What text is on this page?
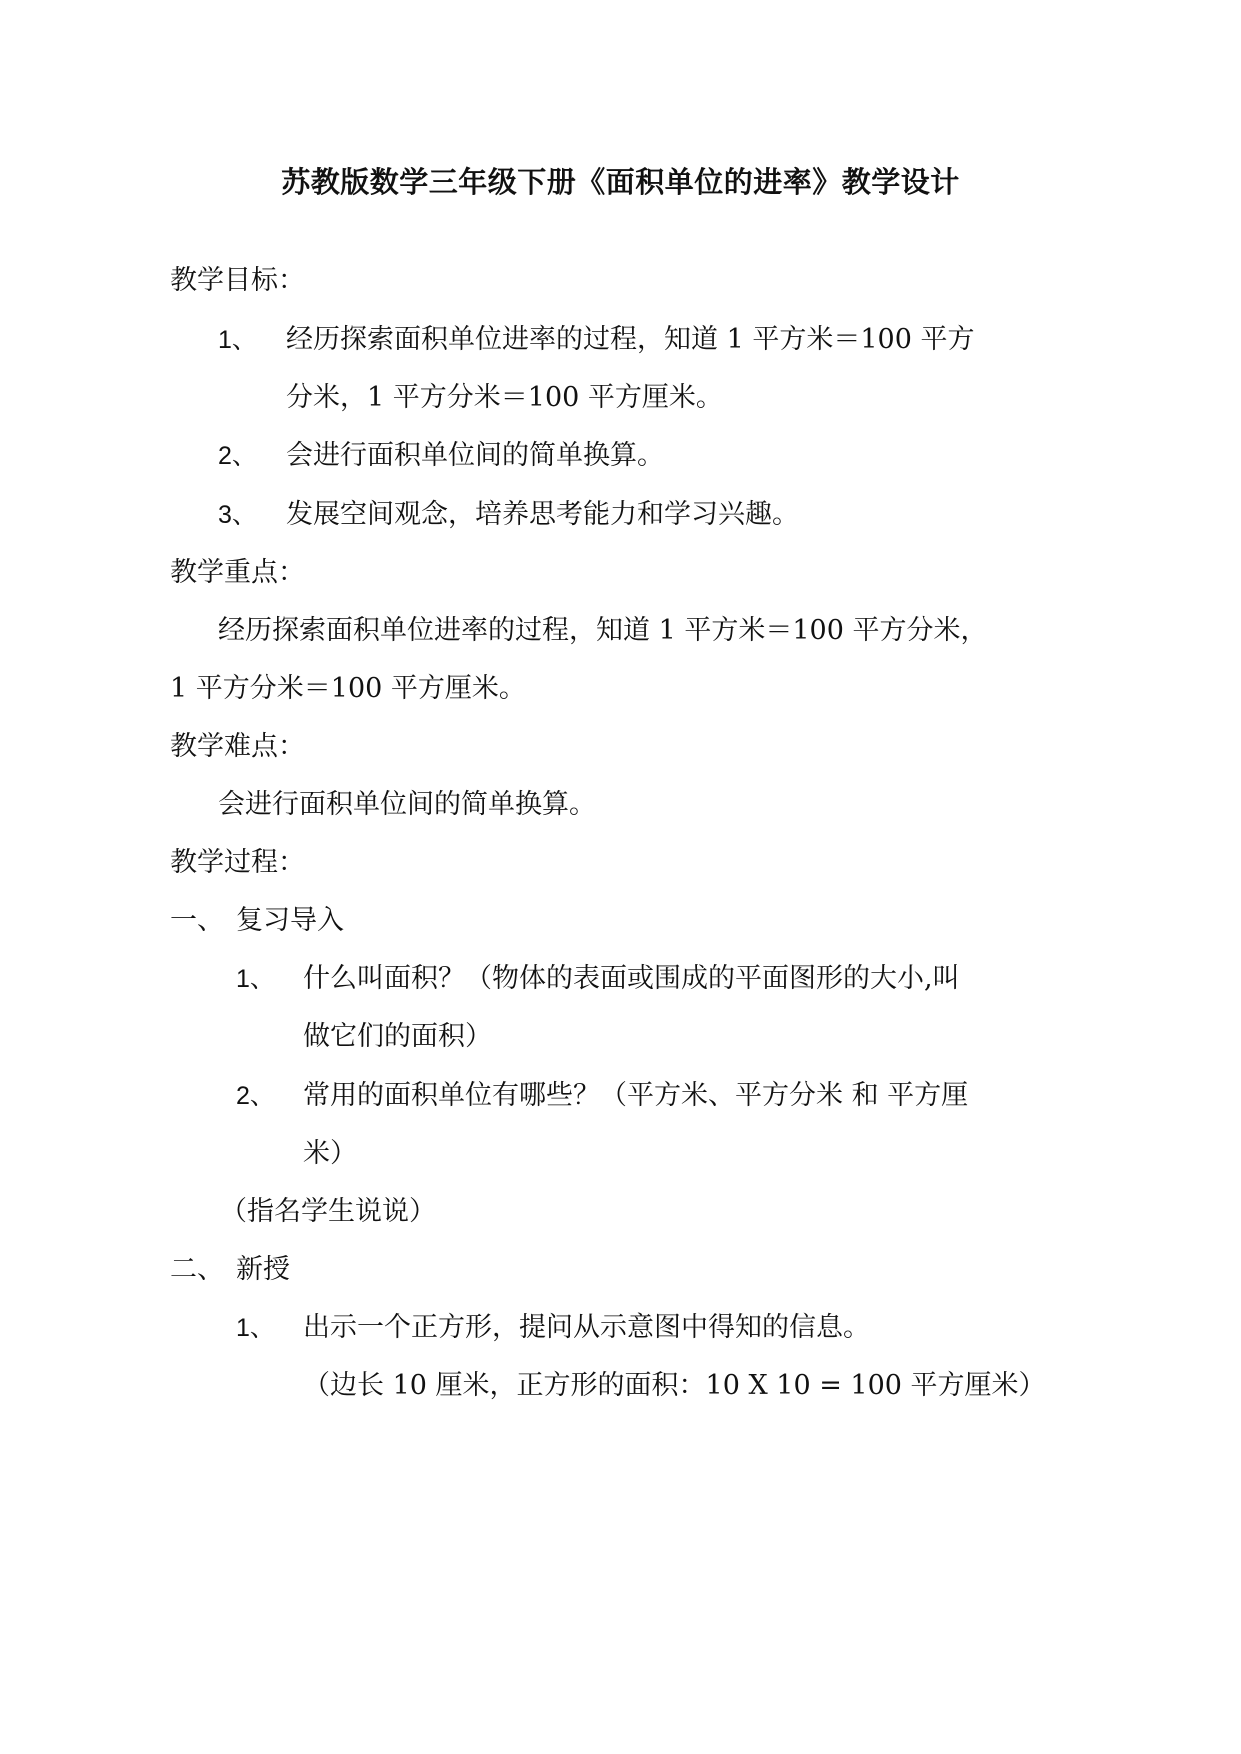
苏教版数学三年级下册《面积单位的进率》教学设计
教学目标：
1、 经历探索面积单位进率的过程，知道 1 平方米＝100 平方
分米，1 平方分米＝100 平方厘米。
2、 会进行面积单位间的简单换算。
3、 发展空间观念，培养思考能力和学习兴趣。
教学重点：
经历探索面积单位进率的过程，知道 1 平方米＝100 平方分米，
1 平方分米＝100 平方厘米。
教学难点：
会进行面积单位间的简单换算。
教学过程：
一、 复习导入
1、 什么叫面积？（物体的表面或围成的平面图形的大小,叫
做它们的面积）
2、 常用的面积单位有哪些？（平方米、平方分米 和 平方厘
米）
（指名学生说说）
二、 新授
1、 出示一个正方形，提问从示意图中得知的信息。
（边长 10 厘米，正方形的面积：10 X 10 = 100 平方厘米）
